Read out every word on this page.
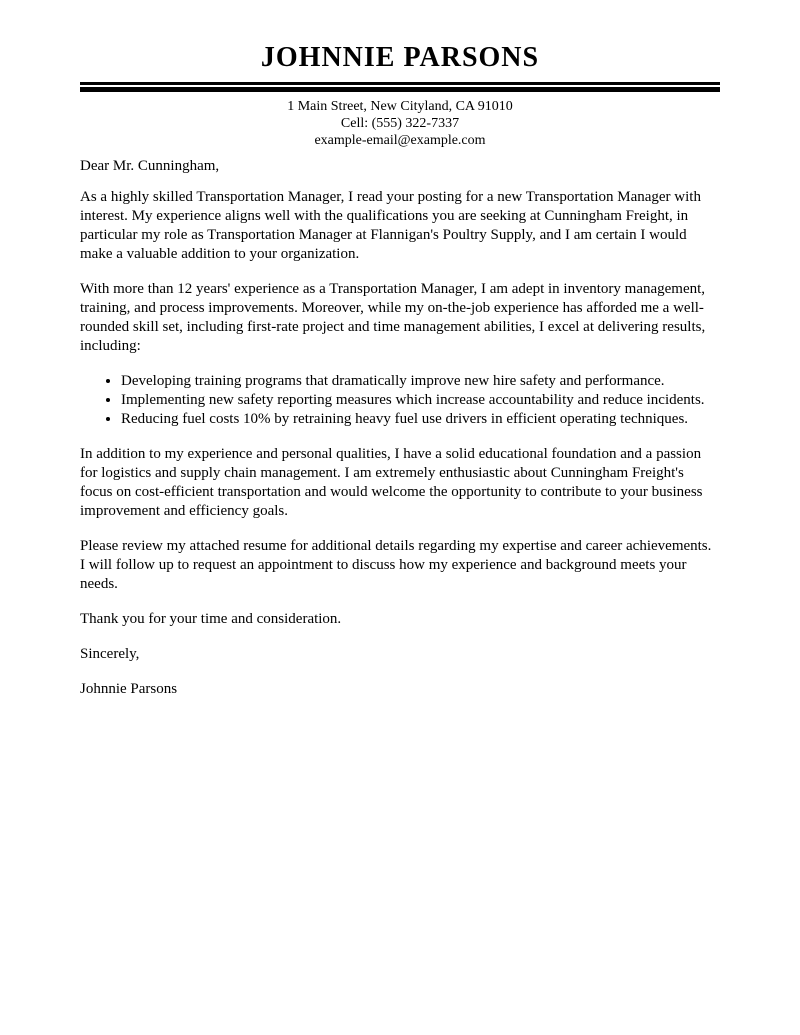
JOHNNIE PARSONS
1 Main Street, New Cityland, CA 91010
Cell: (555) 322-7337
example-email@example.com

Dear Mr. Cunningham,

As a highly skilled Transportation Manager, I read your posting for a new Transportation Manager with interest. My experience aligns well with the qualifications you are seeking at Cunningham Freight, in particular my role as Transportation Manager at Flannigan's Poultry Supply, and I am certain I would make a valuable addition to your organization.

With more than 12 years' experience as a Transportation Manager, I am adept in inventory management, training, and process improvements. Moreover, while my on-the-job experience has afforded me a well-rounded skill set, including first-rate project and time management abilities, I excel at delivering results, including:

• Developing training programs that dramatically improve new hire safety and performance.
• Implementing new safety reporting measures which increase accountability and reduce incidents.
• Reducing fuel costs 10% by retraining heavy fuel use drivers in efficient operating techniques.

In addition to my experience and personal qualities, I have a solid educational foundation and a passion for logistics and supply chain management. I am extremely enthusiastic about Cunningham Freight's focus on cost-efficient transportation and would welcome the opportunity to contribute to your business improvement and efficiency goals.

Please review my attached resume for additional details regarding my expertise and career achievements. I will follow up to request an appointment to discuss how my experience and background meets your needs.

Thank you for your time and consideration.

Sincerely,

Johnnie Parsons
